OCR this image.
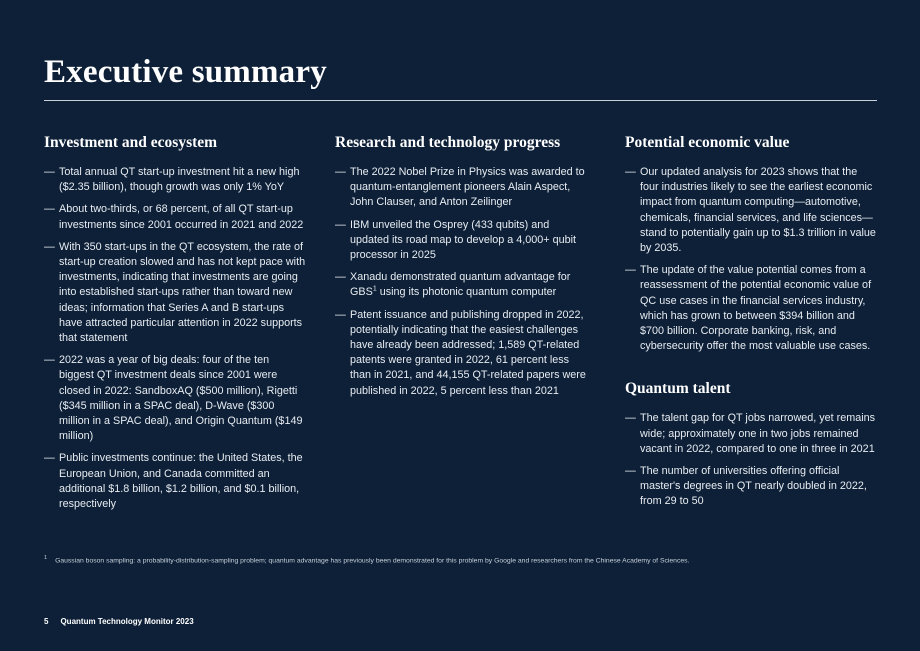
Executive summary
Investment and ecosystem
— Total annual QT start-up investment hit a new high ($2.35 billion), though growth was only 1% YoY
— About two-thirds, or 68 percent, of all QT start-up investments since 2001 occurred in 2021 and 2022
— With 350 start-ups in the QT ecosystem, the rate of start-up creation slowed and has not kept pace with investments, indicating that investments are going into established start-ups rather than toward new ideas; information that Series A and B start-ups have attracted particular attention in 2022 supports that statement
— 2022 was a year of big deals: four of the ten biggest QT investment deals since 2001 were closed in 2022: SandboxAQ ($500 million), Rigetti ($345 million in a SPAC deal), D-Wave ($300 million in a SPAC deal), and Origin Quantum ($149 million)
— Public investments continue: the United States, the European Union, and Canada committed an additional $1.8 billion, $1.2 billion, and $0.1 billion, respectively
Research and technology progress
— The 2022 Nobel Prize in Physics was awarded to quantum-entanglement pioneers Alain Aspect, John Clauser, and Anton Zeilinger
— IBM unveiled the Osprey (433 qubits) and updated its road map to develop a 4,000+ qubit processor in 2025
— Xanadu demonstrated quantum advantage for GBS$^1$ using its photonic quantum computer
— Patent issuance and publishing dropped in 2022, potentially indicating that the easiest challenges have already been addressed; 1,589 QT-related patents were granted in 2022, 61 percent less than in 2021, and 44,155 QT-related papers were published in 2022, 5 percent less than 2021
Potential economic value
— Our updated analysis for 2023 shows that the four industries likely to see the earliest economic impact from quantum computing—automotive, chemicals, financial services, and life sciences—stand to potentially gain up to $1.3 trillion in value by 2035.
— The update of the value potential comes from a reassessment of the potential economic value of QC use cases in the financial services industry, which has grown to between $394 billion and $700 billion. Corporate banking, risk, and cybersecurity offer the most valuable use cases.
Quantum talent
— The talent gap for QT jobs narrowed, yet remains wide; approximately one in two jobs remained vacant in 2022, compared to one in three in 2021
— The number of universities offering official master's degrees in QT nearly doubled in 2022, from 29 to 50
$^1$ Gaussian boson sampling: a probability-distribution-sampling problem; quantum advantage has previously been demonstrated for this problem by Google and researchers from the Chinese Academy of Sciences.
5 Quantum Technology Monitor 2023
